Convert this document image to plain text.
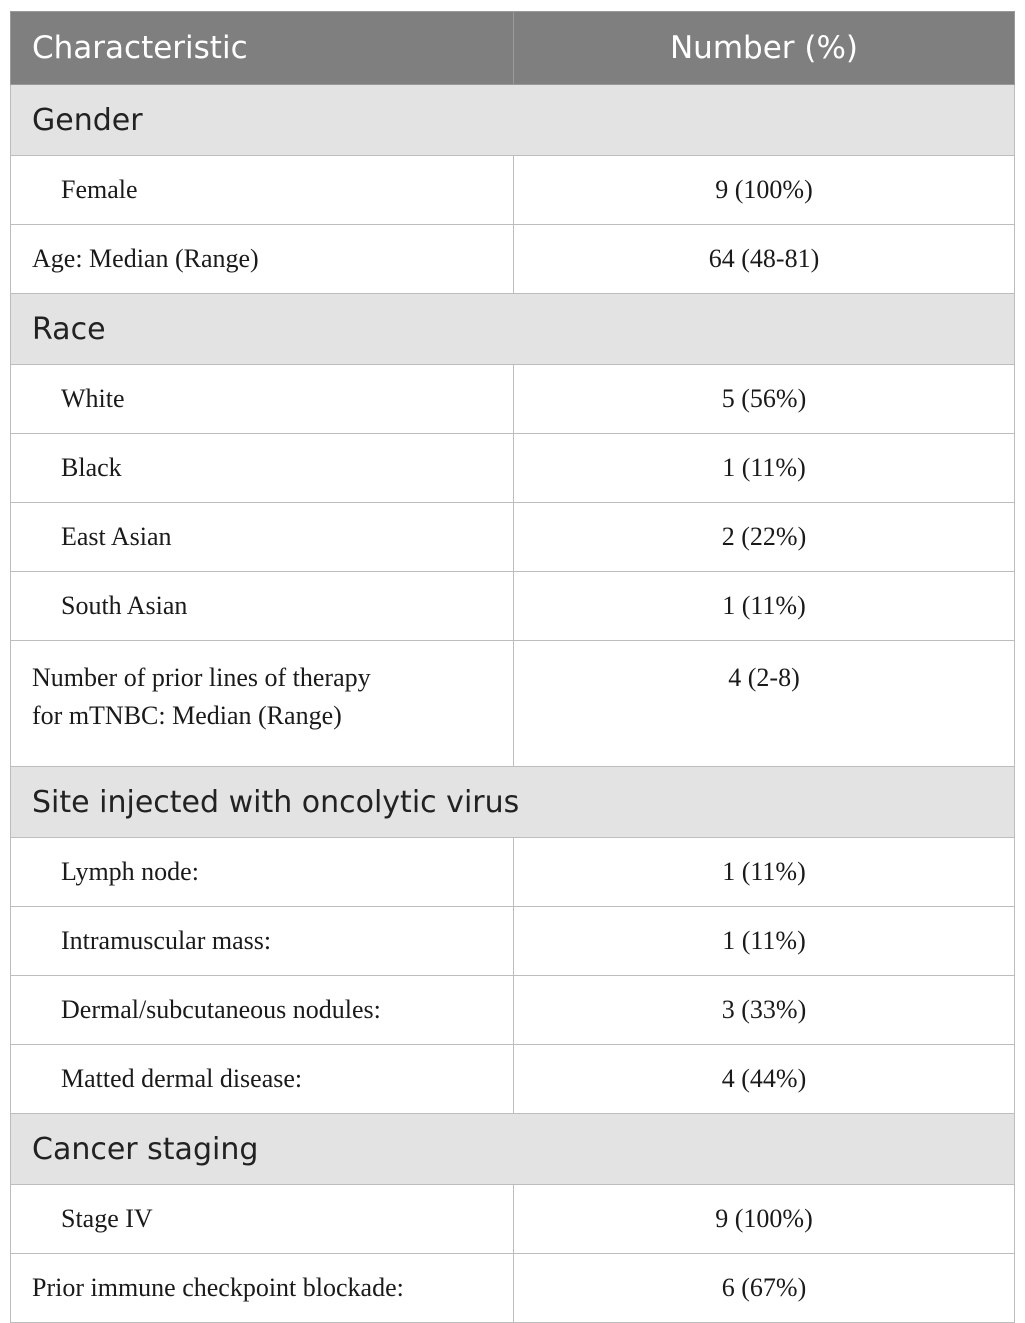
Characteristic	Number (%)
Gender	
Female	9 (100%)
Age: Median (Range)	64 (48-81)
Race	
White	5 (56%)
Black	1 (11%)
East Asian	2 (22%)
South Asian	1 (11%)

Number of prior lines of therapy
for mTNBC: Median (Range)	4 (2-8)
Site injected with oncolytic virus	
Lymph node:	1 (11%)
Intramuscular mass:	1 (11%)
Dermal/subcutaneous nodules:	3 (33%)
Matted dermal disease:	4 (44%)
Cancer staging	
Stage IV	9 (100%)
Prior immune checkpoint blockade:	6 (67%)
